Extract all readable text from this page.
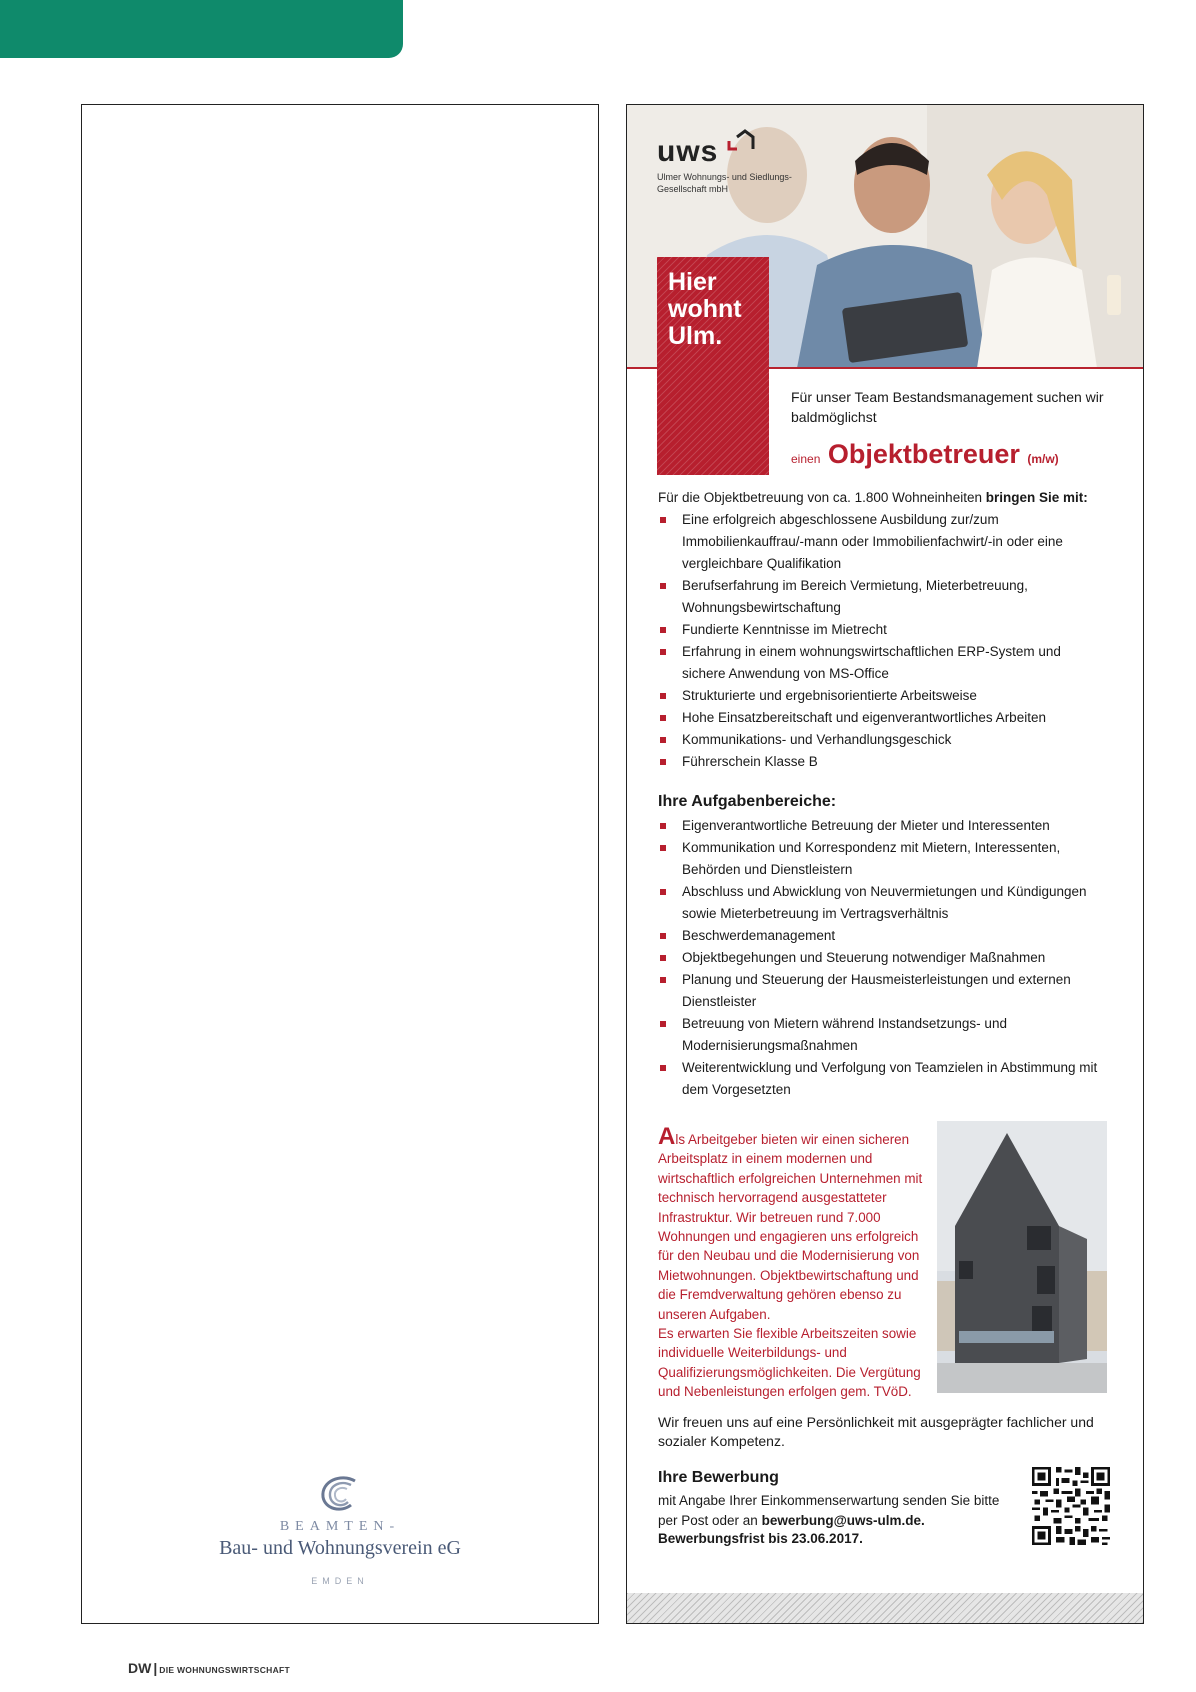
BEAMTEN-
Bau- und Wohnungsverein eG
EMDEN
uws
Ulmer Wohnungs- und Siedlungs-Gesellschaft mbH
Hier
wohnt
Ulm.
Für unser Team Bestandsmanagement suchen wir baldmöglichst
einen Objektbetreuer (m/w)
Für die Objektbetreuung von ca. 1.800 Wohneinheiten bringen Sie mit:
Eine erfolgreich abgeschlossene Ausbildung zur/zum Immobilienkauffrau/-mann oder Immobilienfachwirt/-in oder eine vergleichbare Qualifikation
Berufserfahrung im Bereich Vermietung, Mieterbetreuung, Wohnungsbewirtschaftung
Fundierte Kenntnisse im Mietrecht
Erfahrung in einem wohnungswirtschaftlichen ERP-System und sichere Anwendung von MS-Office
Strukturierte und ergebnisorientierte Arbeitsweise
Hohe Einsatzbereitschaft und eigenverantwortliches Arbeiten
Kommunikations- und Verhandlungsgeschick
Führerschein Klasse B
Ihre Aufgabenbereiche:
Eigenverantwortliche Betreuung der Mieter und Interessenten
Kommunikation und Korrespondenz mit Mietern, Interessenten, Behörden und Dienstleistern
Abschluss und Abwicklung von Neuvermietungen und Kündigungen sowie Mieterbetreuung im Vertragsverhältnis
Beschwerdemanagement
Objektbegehungen und Steuerung notwendiger Maßnahmen
Planung und Steuerung der Hausmeisterleistungen und externen Dienstleister
Betreuung von Mietern während Instandsetzungs- und Modernisierungsmaßnahmen
Weiterentwicklung und Verfolgung von Teamzielen in Abstimmung mit dem Vorgesetzten
Als Arbeitgeber bieten wir einen sicheren Arbeitsplatz in einem modernen und wirtschaftlich erfolgreichen Unternehmen mit technisch hervorragend ausgestatteter Infrastruktur. Wir betreuen rund 7.000 Wohnungen und engagieren uns erfolgreich für den Neubau und die Modernisierung von Mietwohnungen. Objektbewirtschaftung und die Fremdverwaltung gehören ebenso zu unseren Aufgaben.
Es erwarten Sie flexible Arbeitszeiten sowie individuelle Weiterbildungs- und Qualifizierungsmöglichkeiten. Die Vergütung und Nebenleistungen erfolgen gem. TVöD.
Wir freuen uns auf eine Persönlichkeit mit ausgeprägter fachlicher und sozialer Kompetenz.
Ihre Bewerbung
mit Angabe Ihrer Einkommenserwartung senden Sie bitte per Post oder an bewerbung@uws-ulm.de.
Bewerbungsfrist bis 23.06.2017.
DW | DIE WOHNUNGSWIRTSCHAFT
